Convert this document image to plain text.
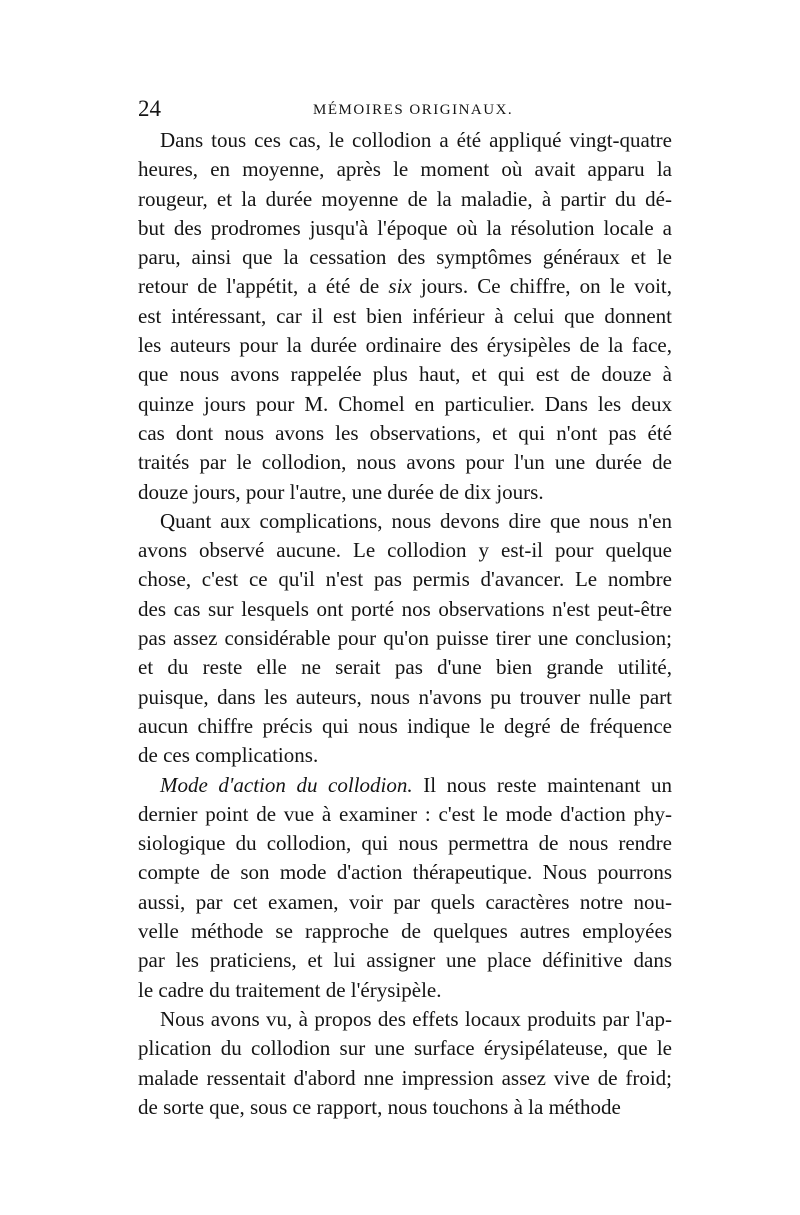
24	MÉMOIRES ORIGINAUX.
Dans tous ces cas, le collodion a été appliqué vingt-quatre
heures, en moyenne, après le moment où avait apparu la
rougeur, et la durée moyenne de la maladie, à partir du dé-
but des prodromes jusqu'à l'époque où la résolution locale a
paru, ainsi que la cessation des symptômes généraux et le
retour de l'appétit, a été de six jours. Ce chiffre, on le voit,
est intéressant, car il est bien inférieur à celui que donnent
les auteurs pour la durée ordinaire des érysipèles de la face,
que nous avons rappelée plus haut, et qui est de douze à
quinze jours pour M. Chomel en particulier. Dans les deux
cas dont nous avons les observations, et qui n'ont pas été
traités par le collodion, nous avons pour l'un une durée de
douze jours, pour l'autre, une durée de dix jours.
Quant aux complications, nous devons dire que nous n'en
avons observé aucune. Le collodion y est-il pour quelque
chose, c'est ce qu'il n'est pas permis d'avancer. Le nombre
des cas sur lesquels ont porté nos observations n'est peut-être
pas assez considérable pour qu'on puisse tirer une conclusion;
et du reste elle ne serait pas d'une bien grande utilité,
puisque, dans les auteurs, nous n'avons pu trouver nulle part
aucun chiffre précis qui nous indique le degré de fréquence
de ces complications.
Mode d'action du collodion. Il nous reste maintenant un
dernier point de vue à examiner : c'est le mode d'action phy-
siologique du collodion, qui nous permettra de nous rendre
compte de son mode d'action thérapeutique. Nous pourrons
aussi, par cet examen, voir par quels caractères notre nou-
velle méthode se rapproche de quelques autres employées
par les praticiens, et lui assigner une place définitive dans
le cadre du traitement de l'érysipèle.
Nous avons vu, à propos des effets locaux produits par l'ap-
plication du collodion sur une surface érysipélateuse, que le
malade ressentait d'abord nne impression assez vive de froid;
de sorte que, sous ce rapport, nous touchons à la méthode
